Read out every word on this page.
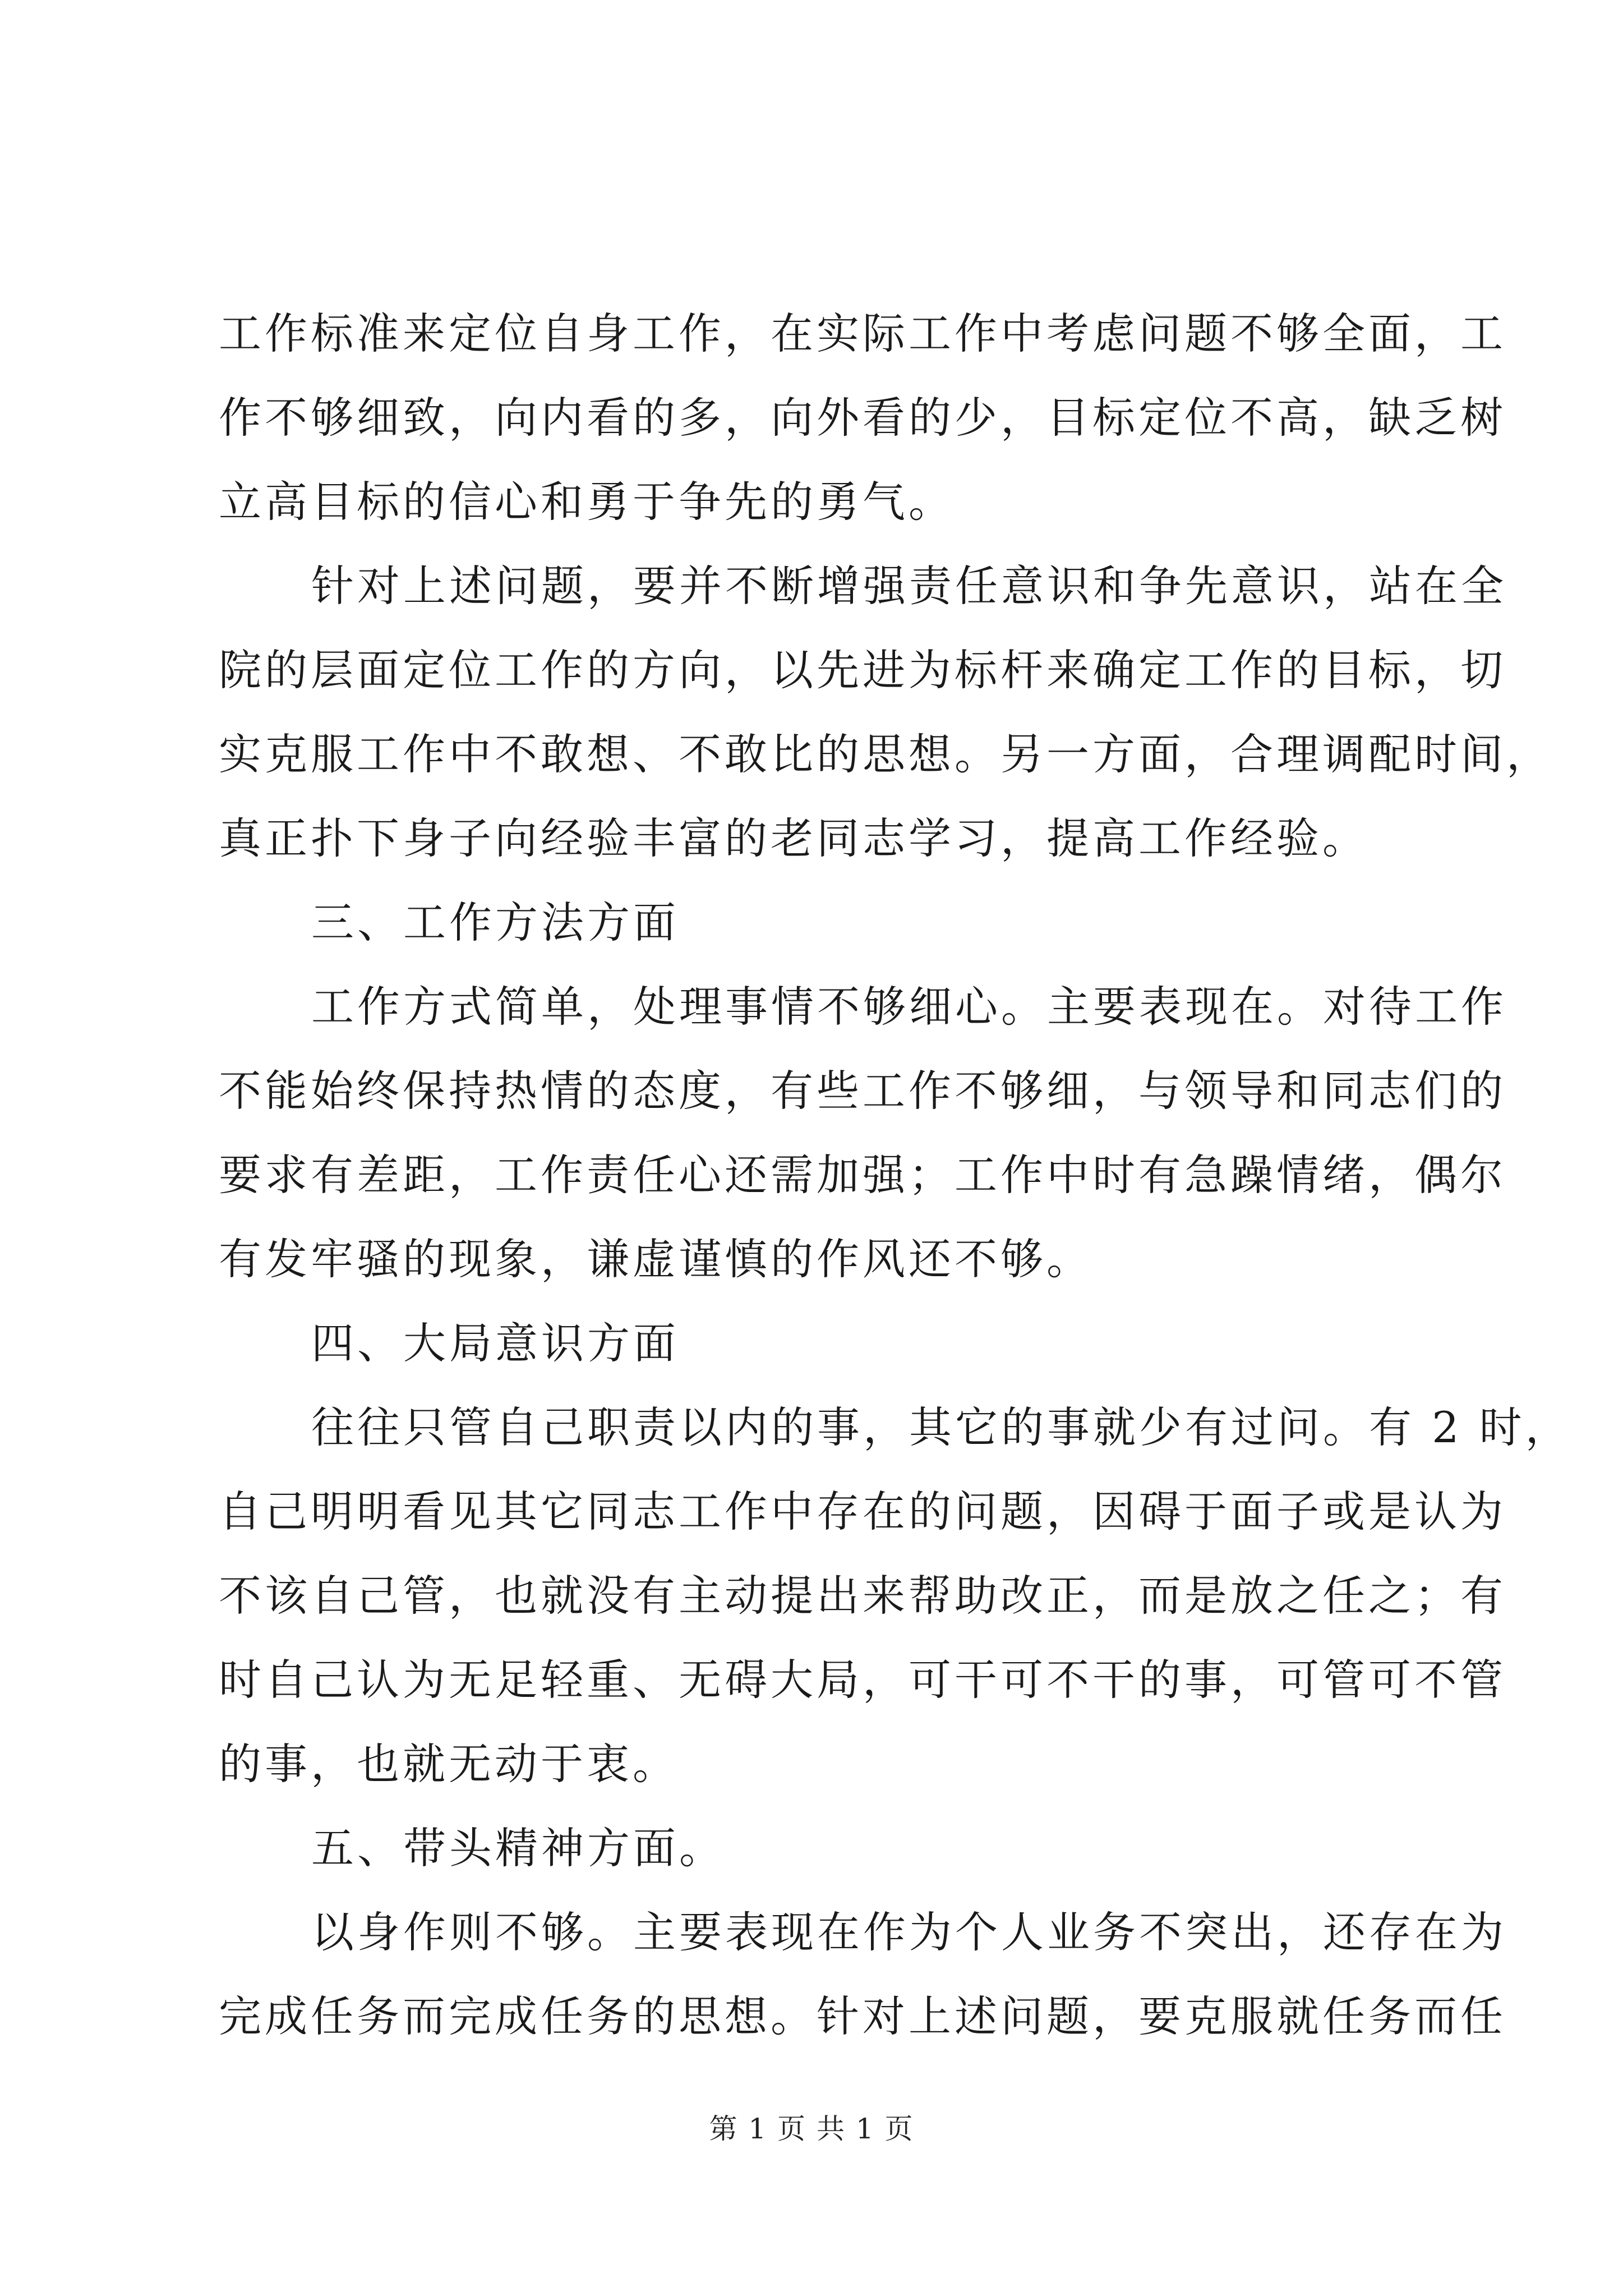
工作标准来定位自身工作，在实际工作中考虑问题不够全面，工
作不够细致，向内看的多，向外看的少，目标定位不高，缺乏树
立高目标的信心和勇于争先的勇气。
针对上述问题，要并不断增强责任意识和争先意识，站在全
院的层面定位工作的方向，以先进为标杆来确定工作的目标，切
实克服工作中不敢想、不敢比的思想。另一方面，合理调配时间，
真正扑下身子向经验丰富的老同志学习，提高工作经验。
三、工作方法方面
工作方式简单，处理事情不够细心。主要表现在。对待工作
不能始终保持热情的态度，有些工作不够细，与领导和同志们的
要求有差距，工作责任心还需加强；工作中时有急躁情绪，偶尔
有发牢骚的现象，谦虚谨慎的作风还不够。
四、大局意识方面
往往只管自己职责以内的事，其它的事就少有过问。有 2 时，
自己明明看见其它同志工作中存在的问题，因碍于面子或是认为
不该自己管，也就没有主动提出来帮助改正，而是放之任之；有
时自己认为无足轻重、无碍大局，可干可不干的事，可管可不管
的事，也就无动于衷。
五、带头精神方面。
以身作则不够。主要表现在作为个人业务不突出，还存在为
完成任务而完成任务的思想。针对上述问题，要克服就任务而任
第 1 页 共 1 页
